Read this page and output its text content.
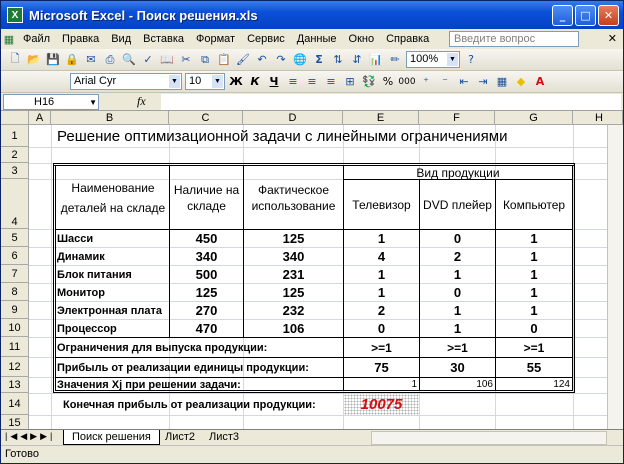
X Microsoft Excel - Поиск решения.xls	_	□	✕
▦ Файл	Правка	Вид	Вставка	Формат	Сервис	Данные	Окно	Справка	Введите вопрос	✕
🗋 📂 💾 🔒 ✉ ⎙ 🔍 ✓ 📖 ✂ ⧉ 📋 🖌 ↶ ↷ 🌐 Σ ⇅ ⇵ 📊 ✏ 100% ▼	?
Arial Cyr	▼	10 ▼ Ж К Ч ≡ ≡ ≡ ⊞ 💱 % 000 ⁺	⁻	⇤ ⇥ ▦ ◆ A
H16	▼	fx
A	B	C	D	E	F	G	H
1
2
3
4
5
6
7
8
9
10
11
12
13
14
15
Решение оптимизационной задачи с линейными ограничениями
Наименование деталей на складе
Наличие на складе
Фактическое использование
Вид продукции
Телевизор	DVD плейер Компьютер
Шасси	450	125	1	0	1
Динамик	340	340	4	2	1
Блок питания	500	231	1	1	1
Монитор	125	125	1	0	1
Электронная плата	270	232	2	1	1
Процессор	470	106	0	1	0
Ограничения для выпуска продукции:	>=1	>=1	>=1
Прибыль от реализации единицы продукции:	75	30	55
Значения Xj при решении задачи:	1	106	124
Конечная прибыль от реализации продукции:	10075
|◀◀▶▶|	Поиск решения	Лист2	Лист3
Готово
